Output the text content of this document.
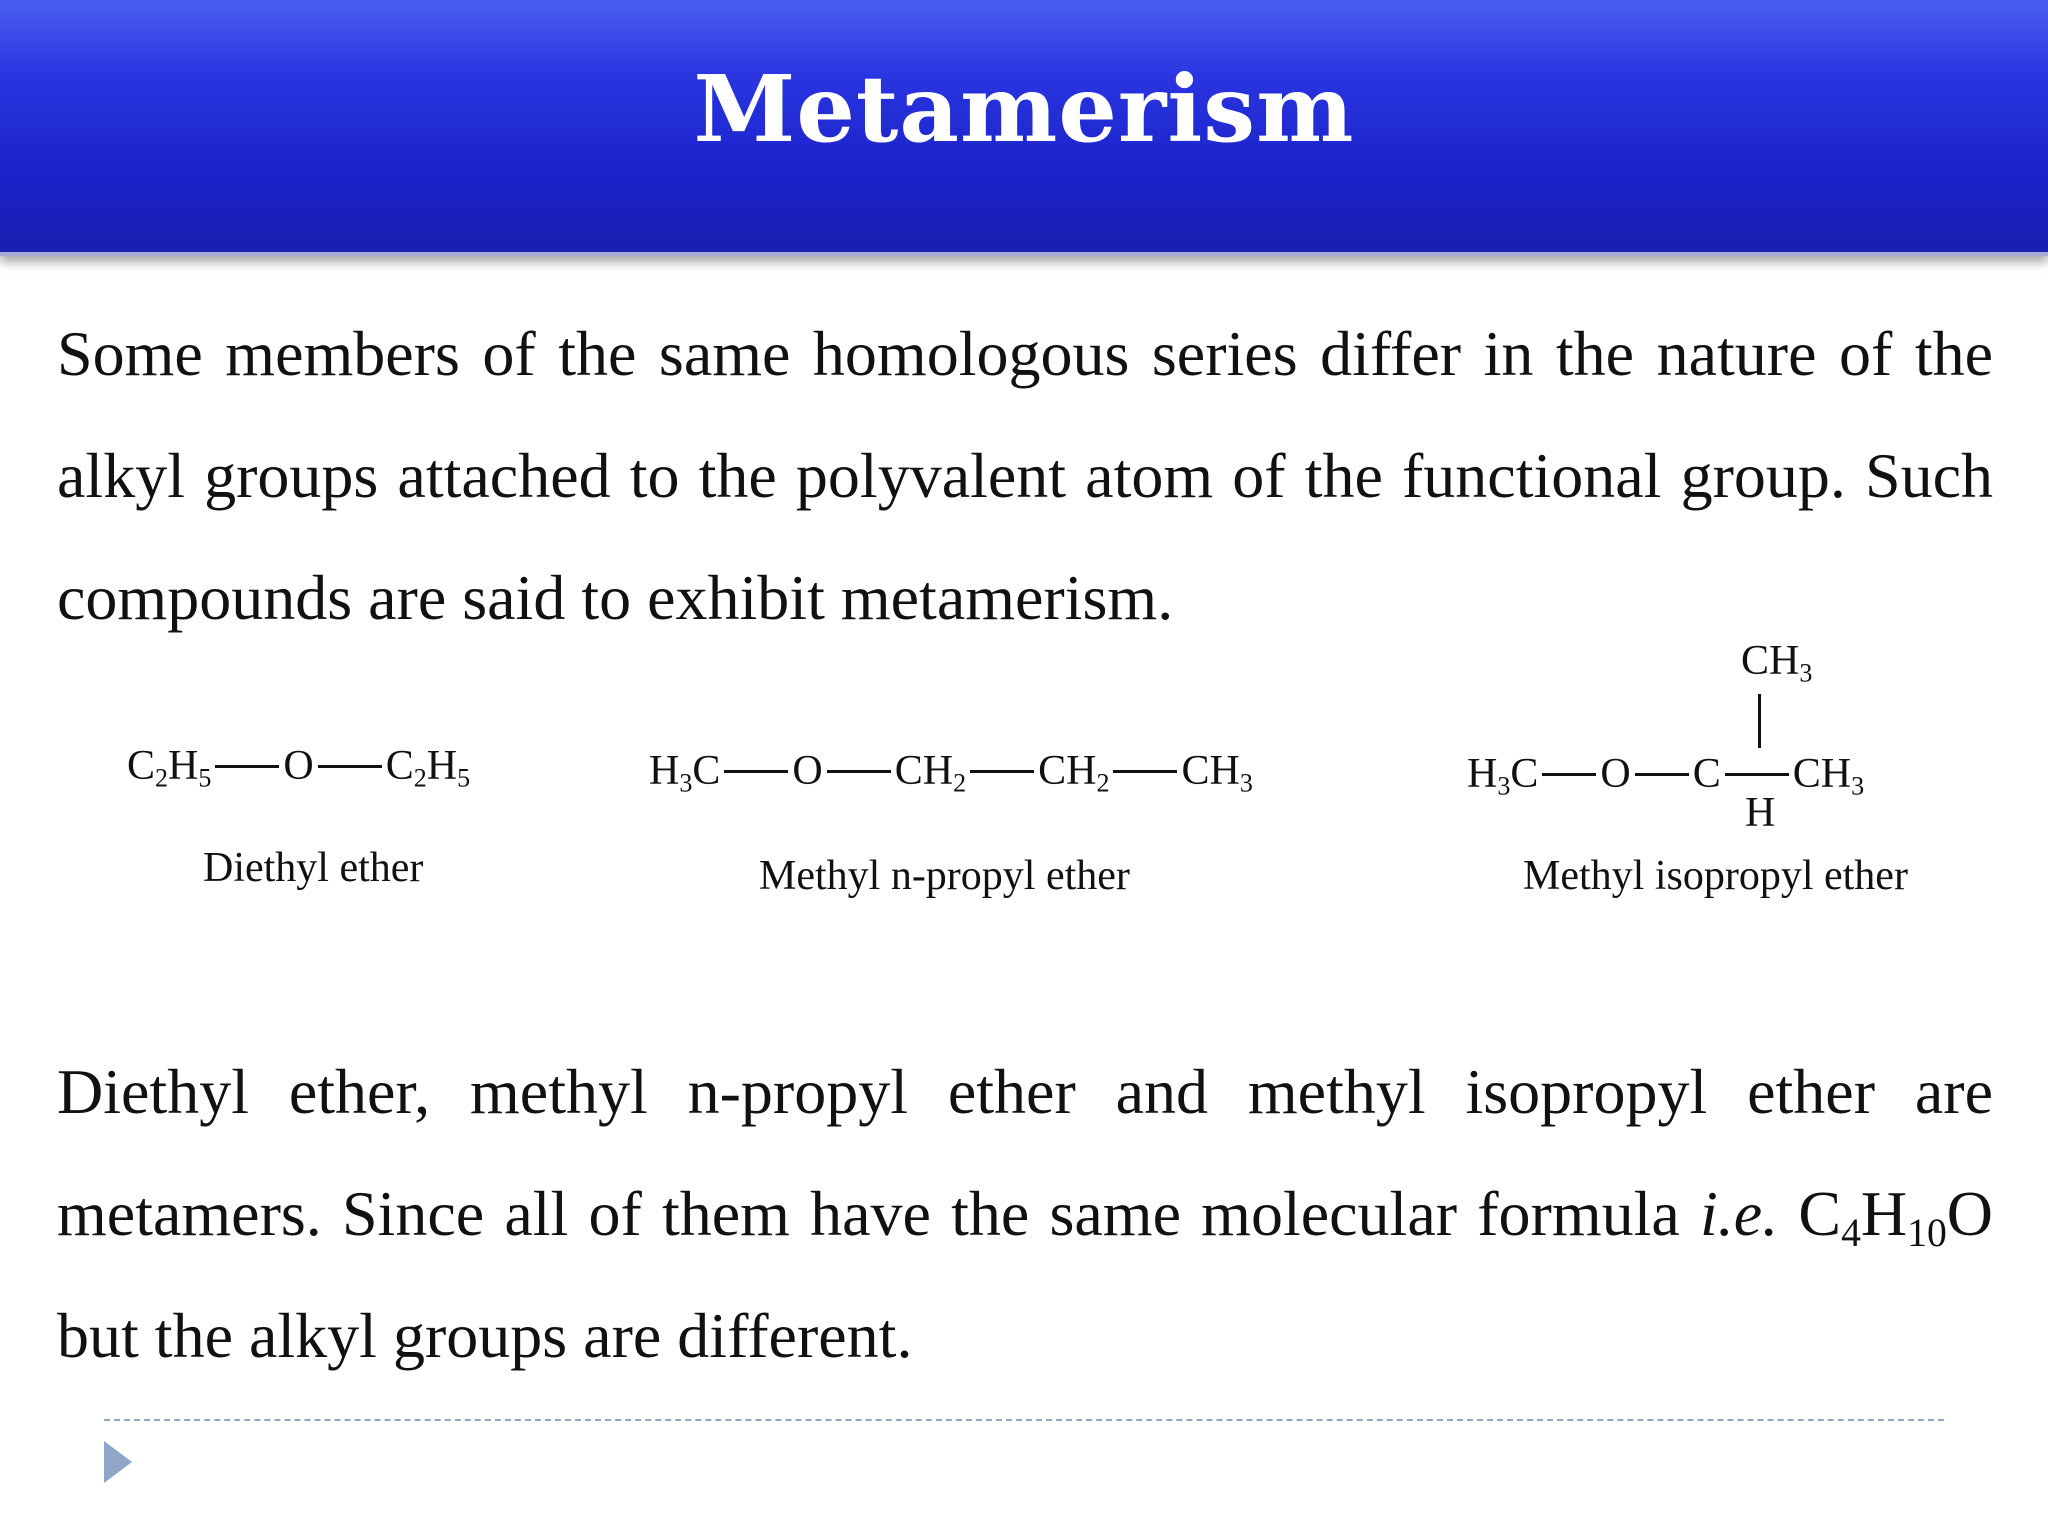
Metamerism
Some members of the same homologous series differ in the nature of the alkyl groups attached to the polyvalent atom of the functional group. Such compounds are said to exhibit metamerism.
$C_2H_5$ O $C_2H_5$
Diethyl ether
$H_3C$ O $CH_2$ $CH_2$ $CH_3$
Methyl n-propyl ether
$CH_3$
$H_3C$ O C $CH_3$
H
Methyl isopropyl ether
Diethyl ether, methyl n-propyl ether and methyl isopropyl ether are metamers. Since all of them have the same molecular formula i.e. $C_4H_{10}O$ but the alkyl groups are different.
